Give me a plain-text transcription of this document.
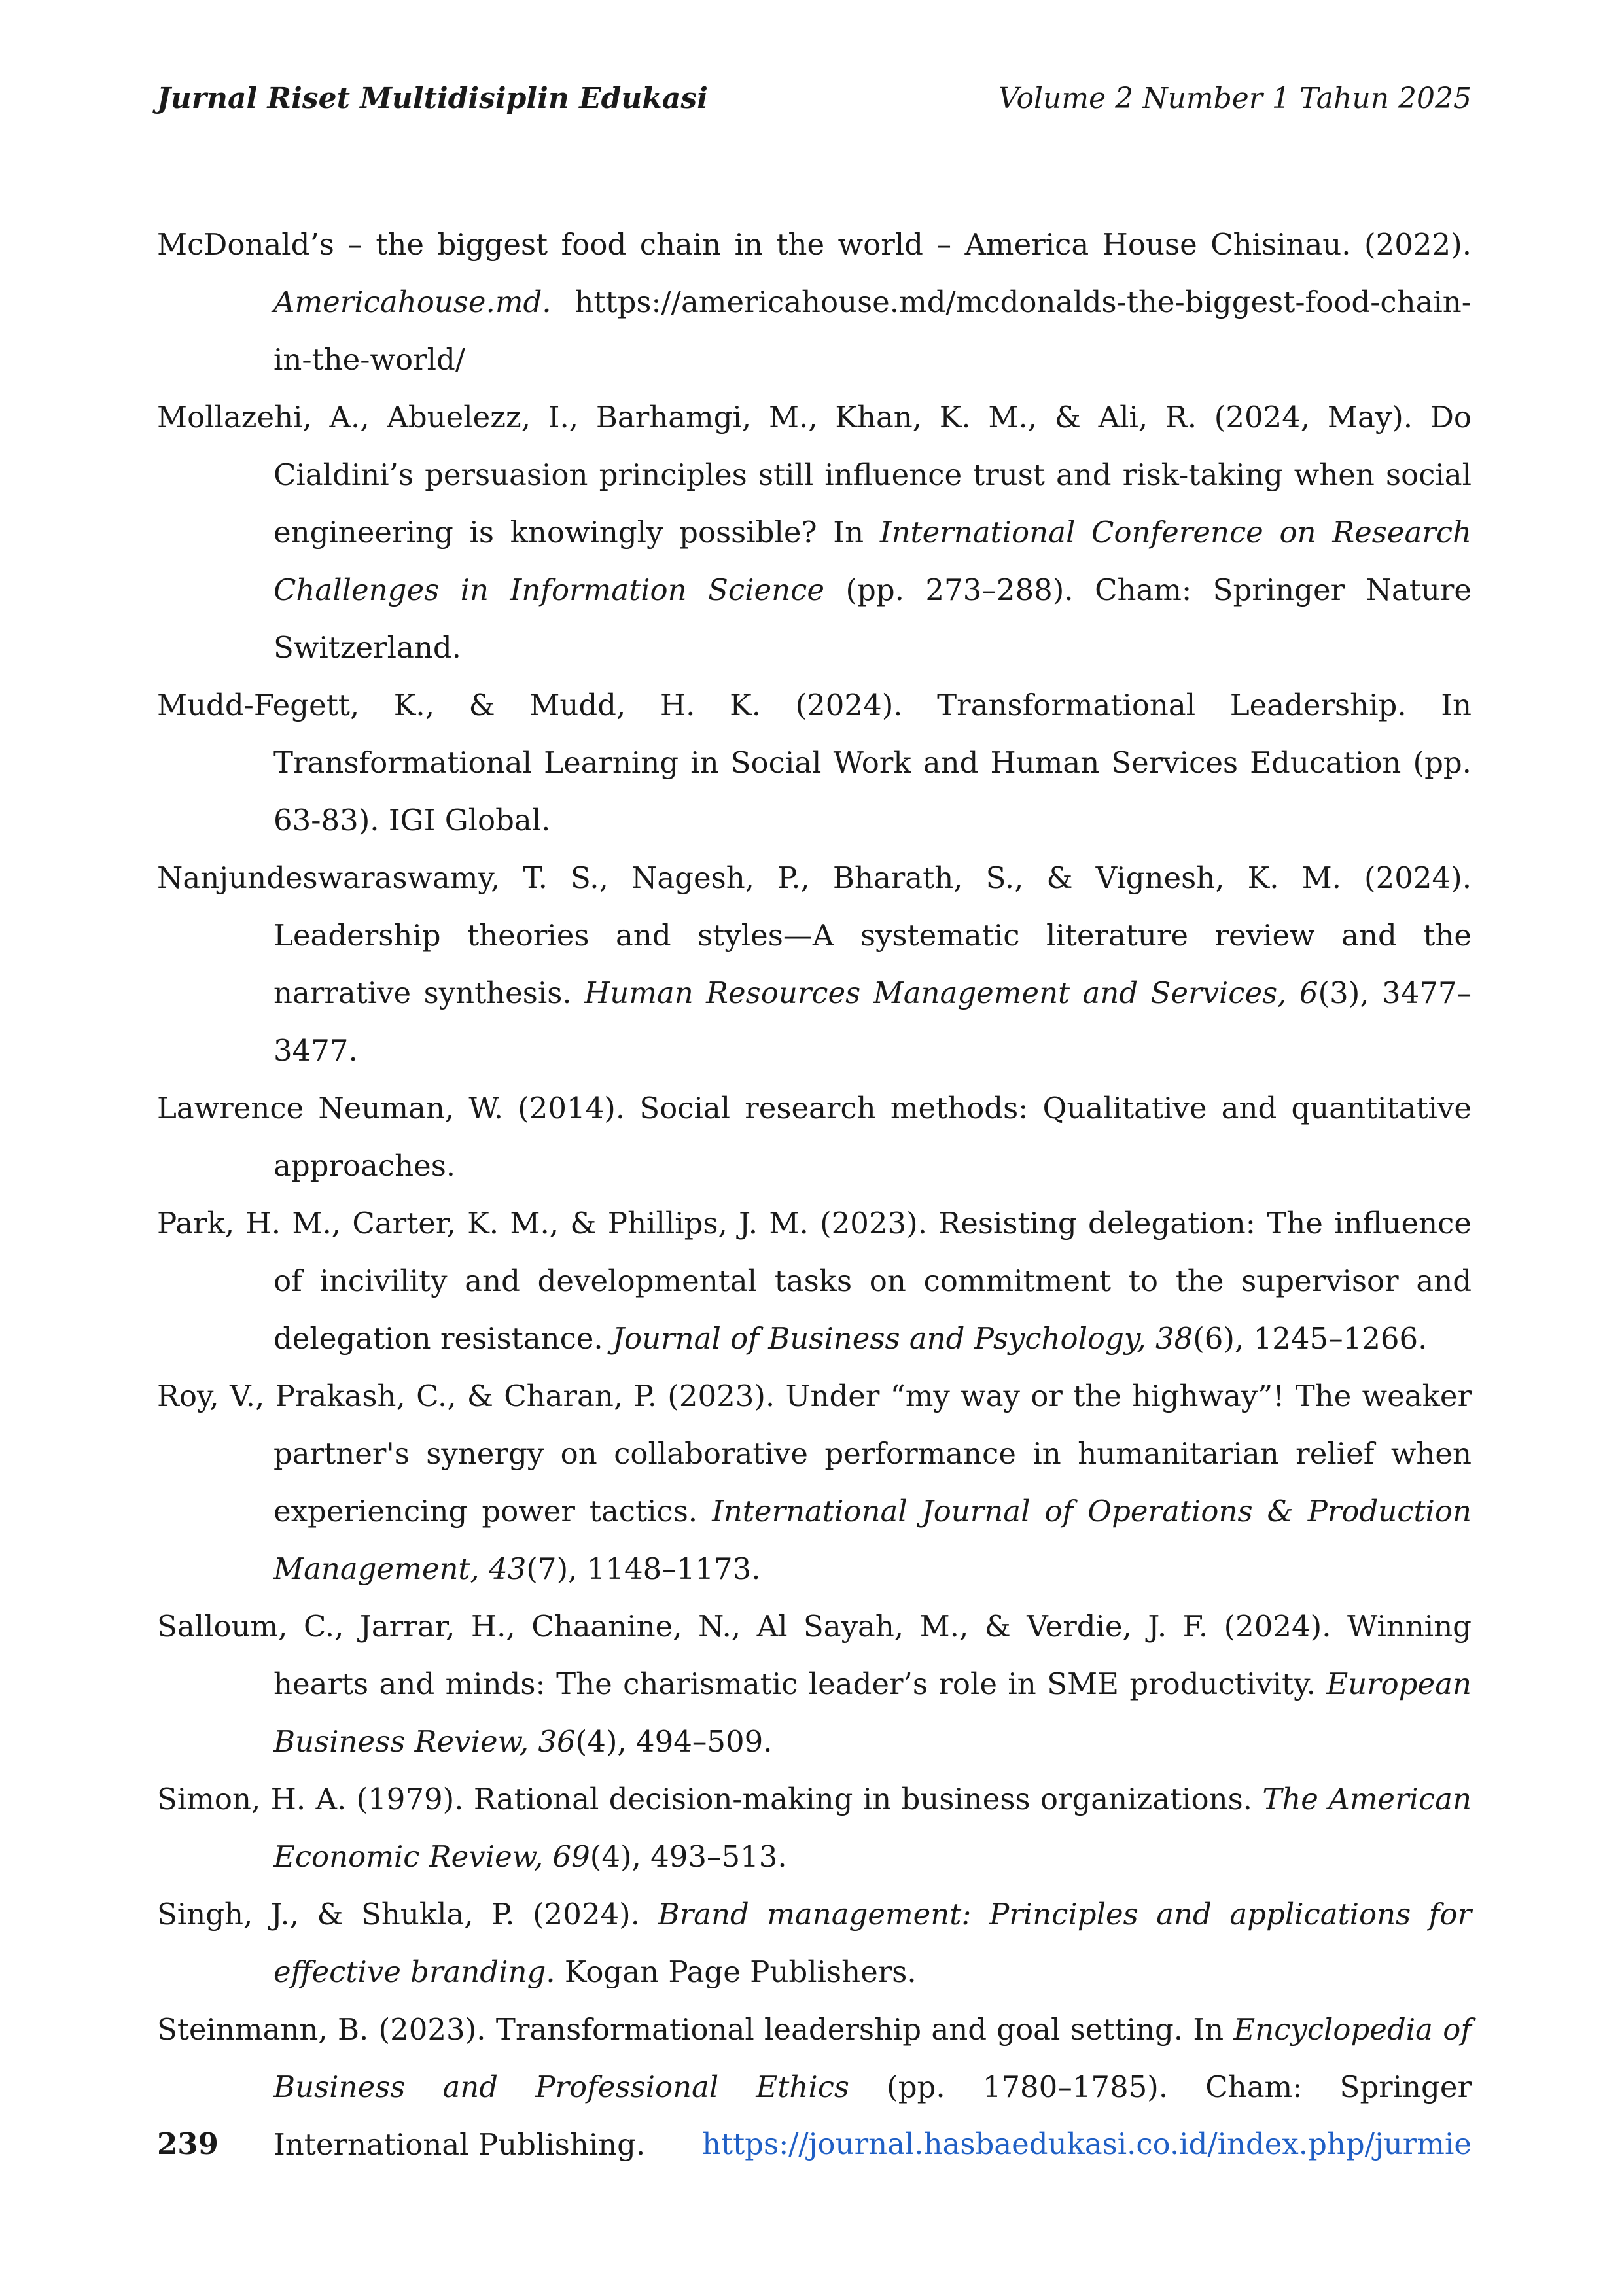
Jurnal Riset Multidisiplin Edukasi	Volume 2 Number 1 Tahun 2025

McDonald’s – the biggest food chain in the world – America House Chisinau. (2022). Americahouse.md. https://americahouse.md/mcdonalds-the-biggest-food-chain-in-the-world/

Mollazehi, A., Abuelezz, I., Barhamgi, M., Khan, K. M., & Ali, R. (2024, May). Do Cialdini’s persuasion principles still influence trust and risk-taking when social engineering is knowingly possible? In International Conference on Research Challenges in Information Science (pp. 273–288). Cham: Springer Nature Switzerland.

Mudd-Fegett, K., & Mudd, H. K. (2024). Transformational Leadership. In Transformational Learning in Social Work and Human Services Education (pp. 63-83). IGI Global.

Nanjundeswaraswamy, T. S., Nagesh, P., Bharath, S., & Vignesh, K. M. (2024). Leadership theories and styles—A systematic literature review and the narrative synthesis. Human Resources Management and Services, 6(3), 3477–3477.

Lawrence Neuman, W. (2014). Social research methods: Qualitative and quantitative approaches.

Park, H. M., Carter, K. M., & Phillips, J. M. (2023). Resisting delegation: The influence of incivility and developmental tasks on commitment to the supervisor and delegation resistance. Journal of Business and Psychology, 38(6), 1245–1266.

Roy, V., Prakash, C., & Charan, P. (2023). Under “my way or the highway”! The weaker partner's synergy on collaborative performance in humanitarian relief when experiencing power tactics. International Journal of Operations & Production Management, 43(7), 1148–1173.

Salloum, C., Jarrar, H., Chaanine, N., Al Sayah, M., & Verdie, J. F. (2024). Winning hearts and minds: The charismatic leader’s role in SME productivity. European Business Review, 36(4), 494–509.

Simon, H. A. (1979). Rational decision-making in business organizations. The American Economic Review, 69(4), 493–513.

Singh, J., & Shukla, P. (2024). Brand management: Principles and applications for effective branding. Kogan Page Publishers.

Steinmann, B. (2023). Transformational leadership and goal setting. In Encyclopedia of Business and Professional Ethics (pp. 1780–1785). Cham: Springer International Publishing.

239	https://journal.hasbaedukasi.co.id/index.php/jurmie
